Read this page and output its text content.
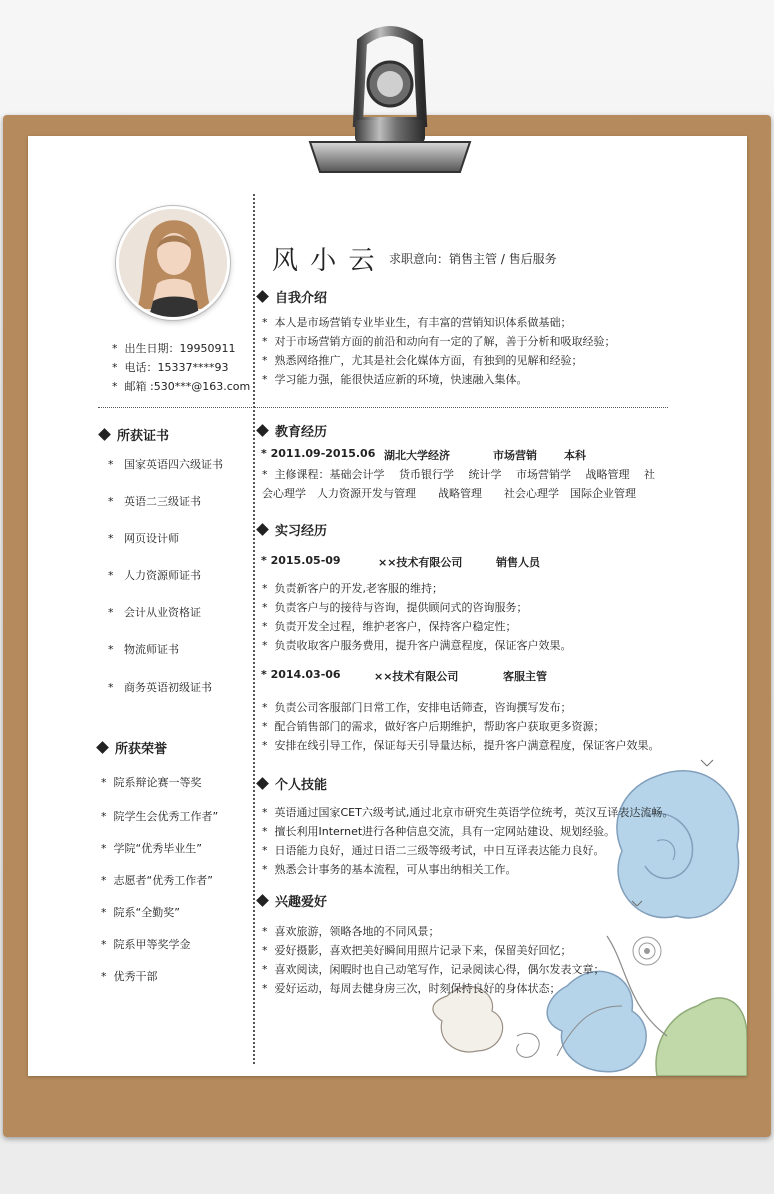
*  出生日期：19950911
*  电话：15337****93
*  邮箱 :530***@163.com
风 小 云 求职意向：销售主管 / 售后服务
所获证书
*   国家英语四六级证书
*   英语二三级证书
*   网页设计师
*   人力资源师证书
*   会计从业资格证
*   物流师证书
*   商务英语初级证书
所获荣誉
*  院系辩论赛一等奖
*  院学生会优秀工作者”
*  学院“优秀毕业生”
*  志愿者“优秀工作者”
*  院系“全勤奖”
*  院系甲等奖学金
*  优秀干部
自我介绍
*  本人是市场营销专业毕业生，有丰富的营销知识体系做基础；
*  对于市场营销方面的前沿和动向有一定的了解，善于分析和吸取经验；
*  熟悉网络推广，尤其是社会化媒体方面，有独到的见解和经验；
*  学习能力强，能很快适应新的环境，快速融入集体。
教育经历
* 2011.09-2015.06 湖北大学经济	市场营销 本科
*  主修课程：基础会计学　 货币银行学　 统计学　 市场营销学　 战略管理　 社
会心理学　人力资源开发与管理　　战略管理　　社会心理学　国际企业管理
实习经历
* 2015.05-09	××技术有限公司	销售人员
*  负责新客户的开发,老客服的维持；
*  负责客户与的接待与咨询，提供顾问式的咨询服务；
*  负责开发全过程，维护老客户，保持客户稳定性；
*  负责收取客户服务费用，提升客户满意程度，保证客户效果。
* 2014.03-06	××技术有限公司	客服主管
*  负责公司客服部门日常工作，安排电话筛查，咨询撰写发布；
*  配合销售部门的需求，做好客户后期维护，帮助客户获取更多资源；
*  安排在线引导工作，保证每天引导量达标，提升客户满意程度，保证客户效果。
个人技能
*  英语通过国家CET六级考试,通过北京市研究生英语学位统考，英汉互译表达流畅。
*  擅长利用Internet进行各种信息交流，具有一定网站建设、规划经验。
*  日语能力良好，通过日语二三级等级考试，中日互译表达能力良好。
*  熟悉会计事务的基本流程，可从事出纳相关工作。
兴趣爱好
*  喜欢旅游，领略各地的不同风景；
*  爱好摄影，喜欢把美好瞬间用照片记录下来，保留美好回忆；
*  喜欢阅读，闲暇时也自己动笔写作，记录阅读心得，偶尔发表文章；
*  爱好运动，每周去健身房三次，时刻保持良好的身体状态；
